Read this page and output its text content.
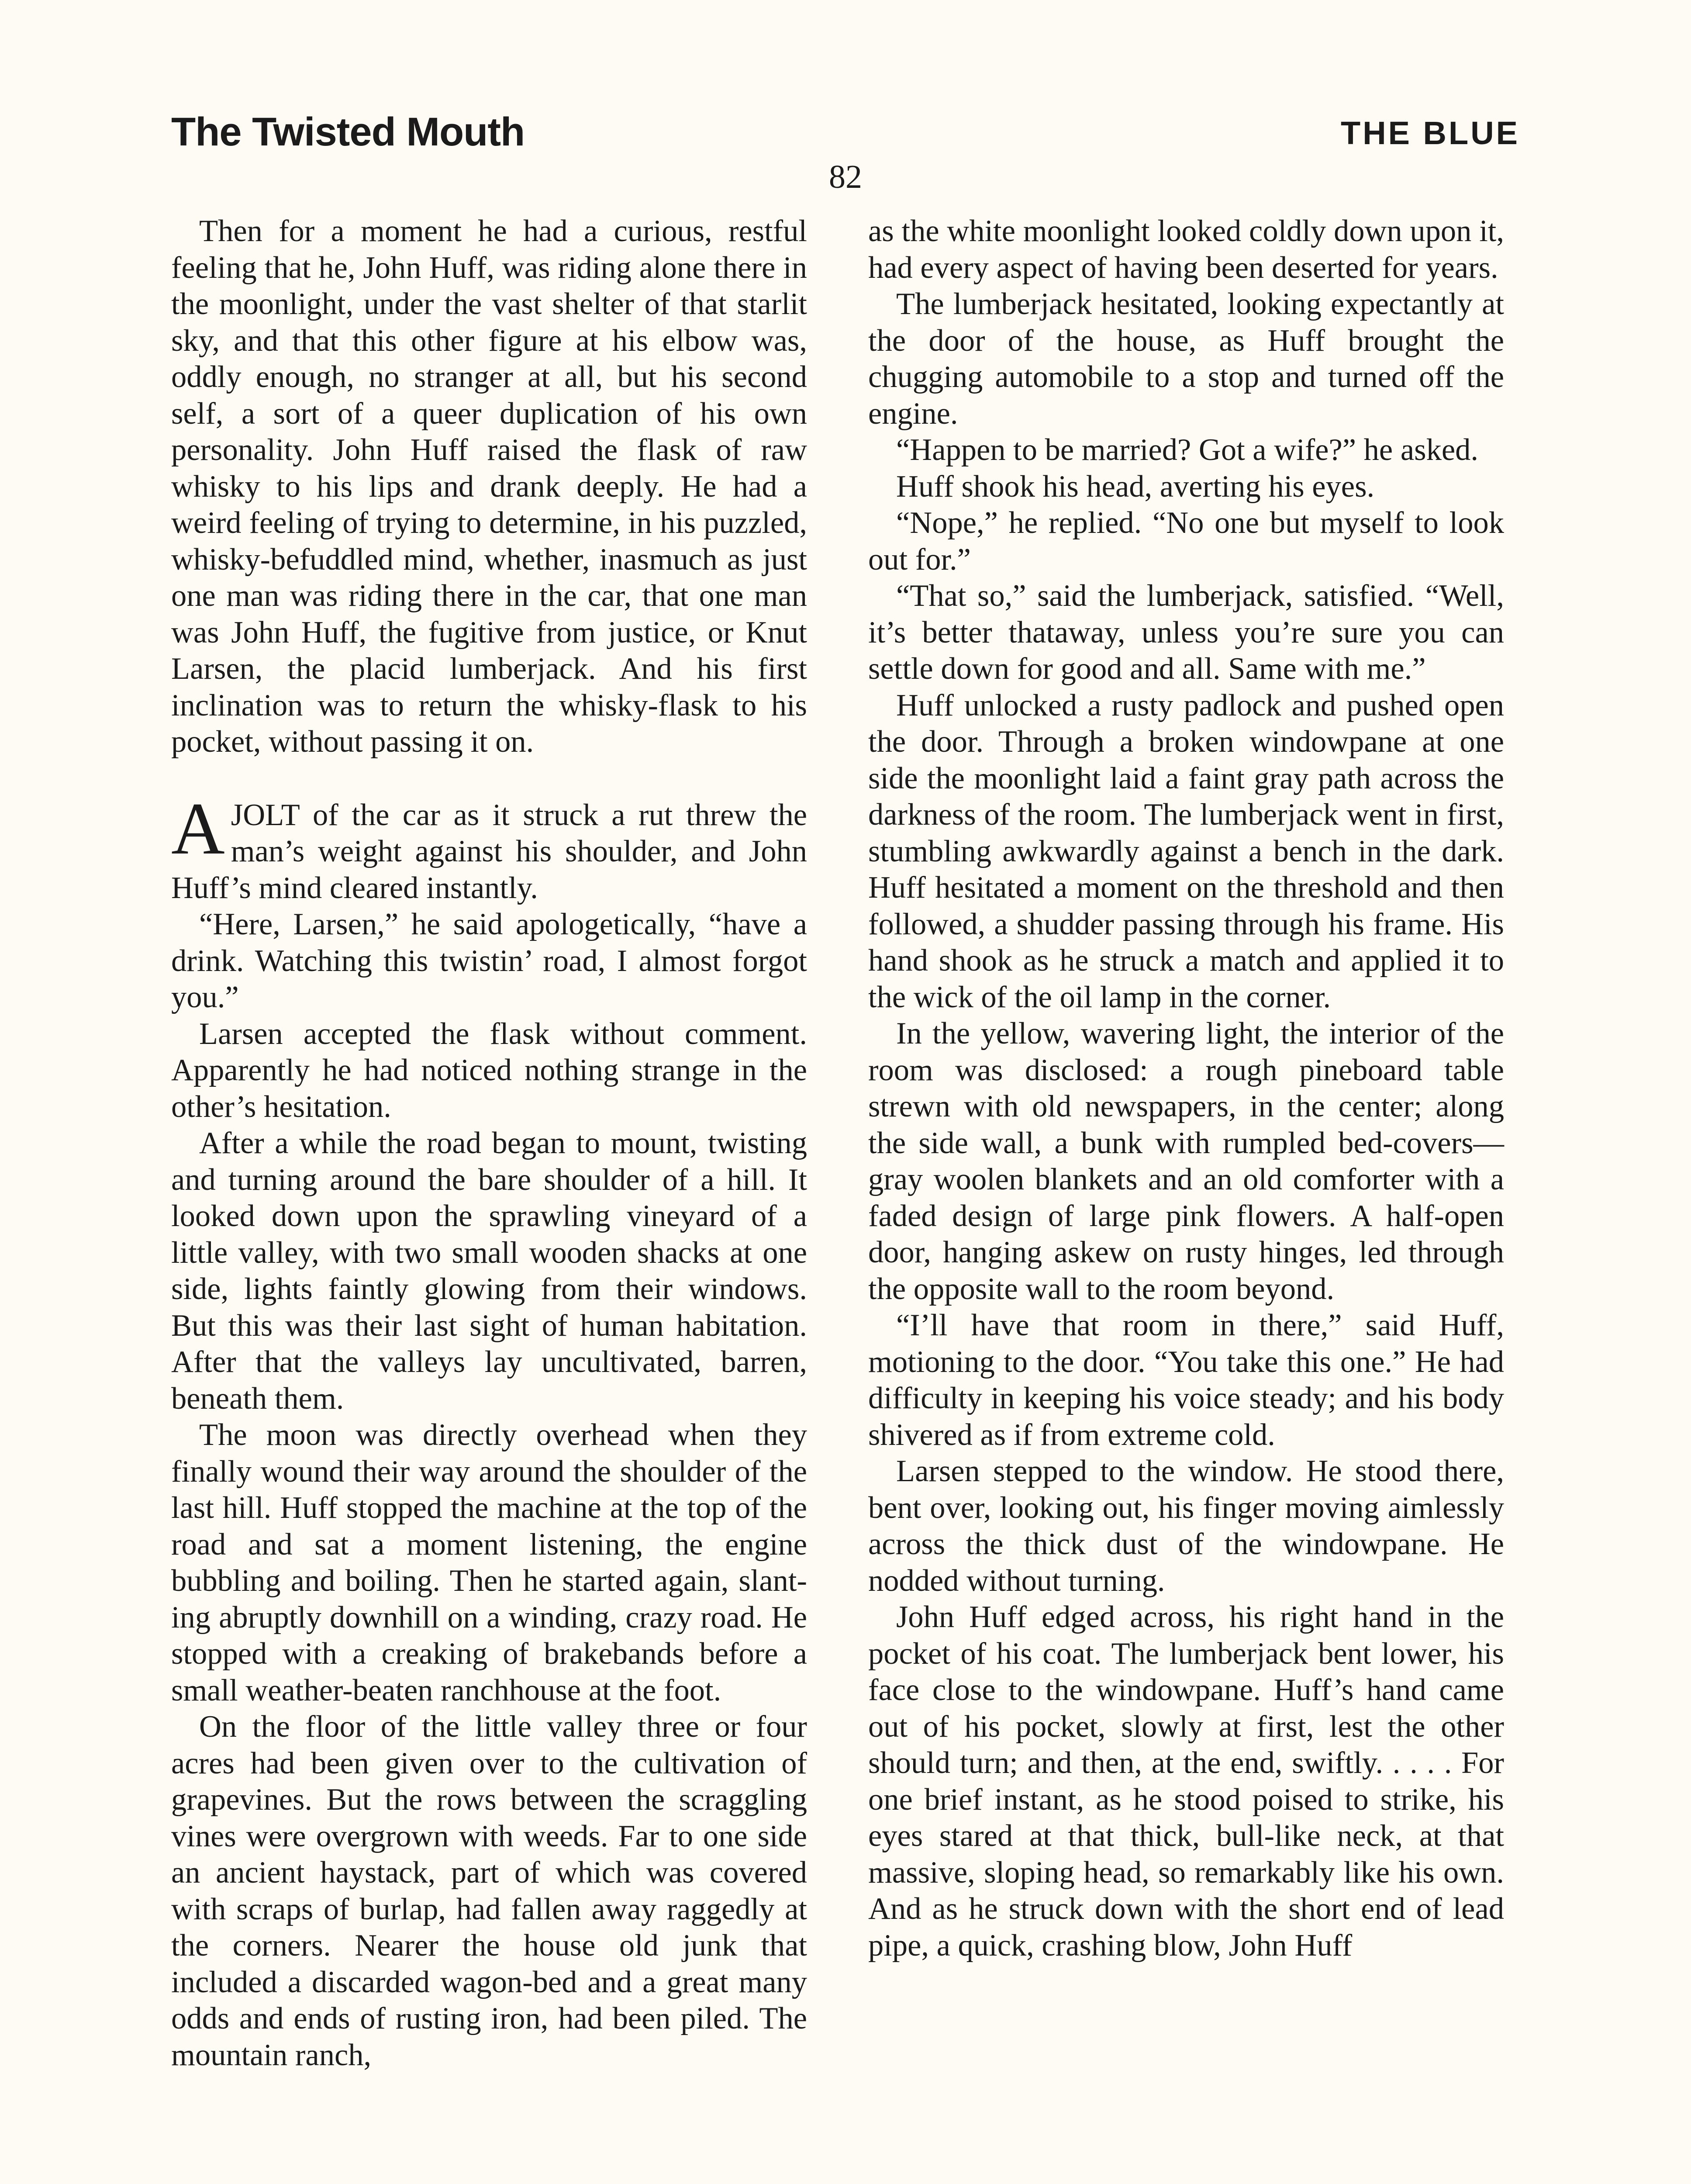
The Twisted Mouth	THE BLUE
82

Then for a moment he had a curious, restful feeling that he, John Huff, was riding alone there in the moonlight, under the vast shelter of that starlit sky, and that this other figure at his elbow was, oddly enough, no stranger at all, but his second self, a sort of a queer duplication of his own personality. John Huff raised the flask of raw whisky to his lips and drank deeply. He had a weird feeling of trying to determine, in his puzzled, whisky-befuddled mind, whether, inasmuch as just one man was riding there in the car, that one man was John Huff, the fugitive from justice, or Knut Larsen, the placid lumberjack. And his first inclination was to return the whisky-flask to his pocket, without passing it on.

AJOLT of the car as it struck a rut threw the man’s weight against his shoulder, and John Huff’s mind cleared instantly.

“Here, Larsen,” he said apologetically, “have a drink. Watching this twistin’ road, I almost forgot you.”

Larsen accepted the flask without comment. Apparently he had noticed nothing strange in the other’s hesitation.

After a while the road began to mount, twisting and turning around the bare shoulder of a hill. It looked down upon the sprawling vineyard of a little valley, with two small wooden shacks at one side, lights faintly glowing from their windows. But this was their last sight of human habitation. After that the valleys lay uncultivated, barren, beneath them.

The moon was directly overhead when they finally wound their way around the shoulder of the last hill. Huff stopped the machine at the top of the road and sat a moment listening, the engine bubbling and boiling. Then he started again, slanting abruptly downhill on a winding, crazy road. He stopped with a creaking of brakebands before a small weather-beaten ranchhouse at the foot.

On the floor of the little valley three or four acres had been given over to the cultivation of grapevines. But the rows between the scraggling vines were overgrown with weeds. Far to one side an ancient haystack, part of which was covered with scraps of burlap, had fallen away raggedly at the corners. Nearer the house old junk that included a discarded wagon-bed and a great many odds and ends of rusting iron, had been piled. The mountain ranch,

as the white moonlight looked coldly down upon it, had every aspect of having been deserted for years.

The lumberjack hesitated, looking expectantly at the door of the house, as Huff brought the chugging automobile to a stop and turned off the engine.

“Happen to be married? Got a wife?” he asked.

Huff shook his head, averting his eyes.

“Nope,” he replied. “No one but myself to look out for.”

“That so,” said the lumberjack, satisfied. “Well, it’s better thataway, unless you’re sure you can settle down for good and all. Same with me.”

Huff unlocked a rusty padlock and pushed open the door. Through a broken windowpane at one side the moonlight laid a faint gray path across the darkness of the room. The lumberjack went in first, stumbling awkwardly against a bench in the dark. Huff hesitated a moment on the threshold and then followed, a shudder passing through his frame. His hand shook as he struck a match and applied it to the wick of the oil lamp in the corner.

In the yellow, wavering light, the interior of the room was disclosed: a rough pineboard table strewn with old newspapers, in the center; along the side wall, a bunk with rumpled bed-covers—gray woolen blankets and an old comforter with a faded design of large pink flowers. A half-open door, hanging askew on rusty hinges, led through the opposite wall to the room beyond.

“I’ll have that room in there,” said Huff, motioning to the door. “You take this one.” He had difficulty in keeping his voice steady; and his body shivered as if from extreme cold.

Larsen stepped to the window. He stood there, bent over, looking out, his finger moving aimlessly across the thick dust of the windowpane. He nodded without turning.

John Huff edged across, his right hand in the pocket of his coat. The lumberjack bent lower, his face close to the windowpane. Huff’s hand came out of his pocket, slowly at first, lest the other should turn; and then, at the end, swiftly. . . . . For one brief instant, as he stood poised to strike, his eyes stared at that thick, bull-like neck, at that massive, sloping head, so remarkably like his own. And as he struck down with the short end of lead pipe, a quick, crashing blow, John Huff
